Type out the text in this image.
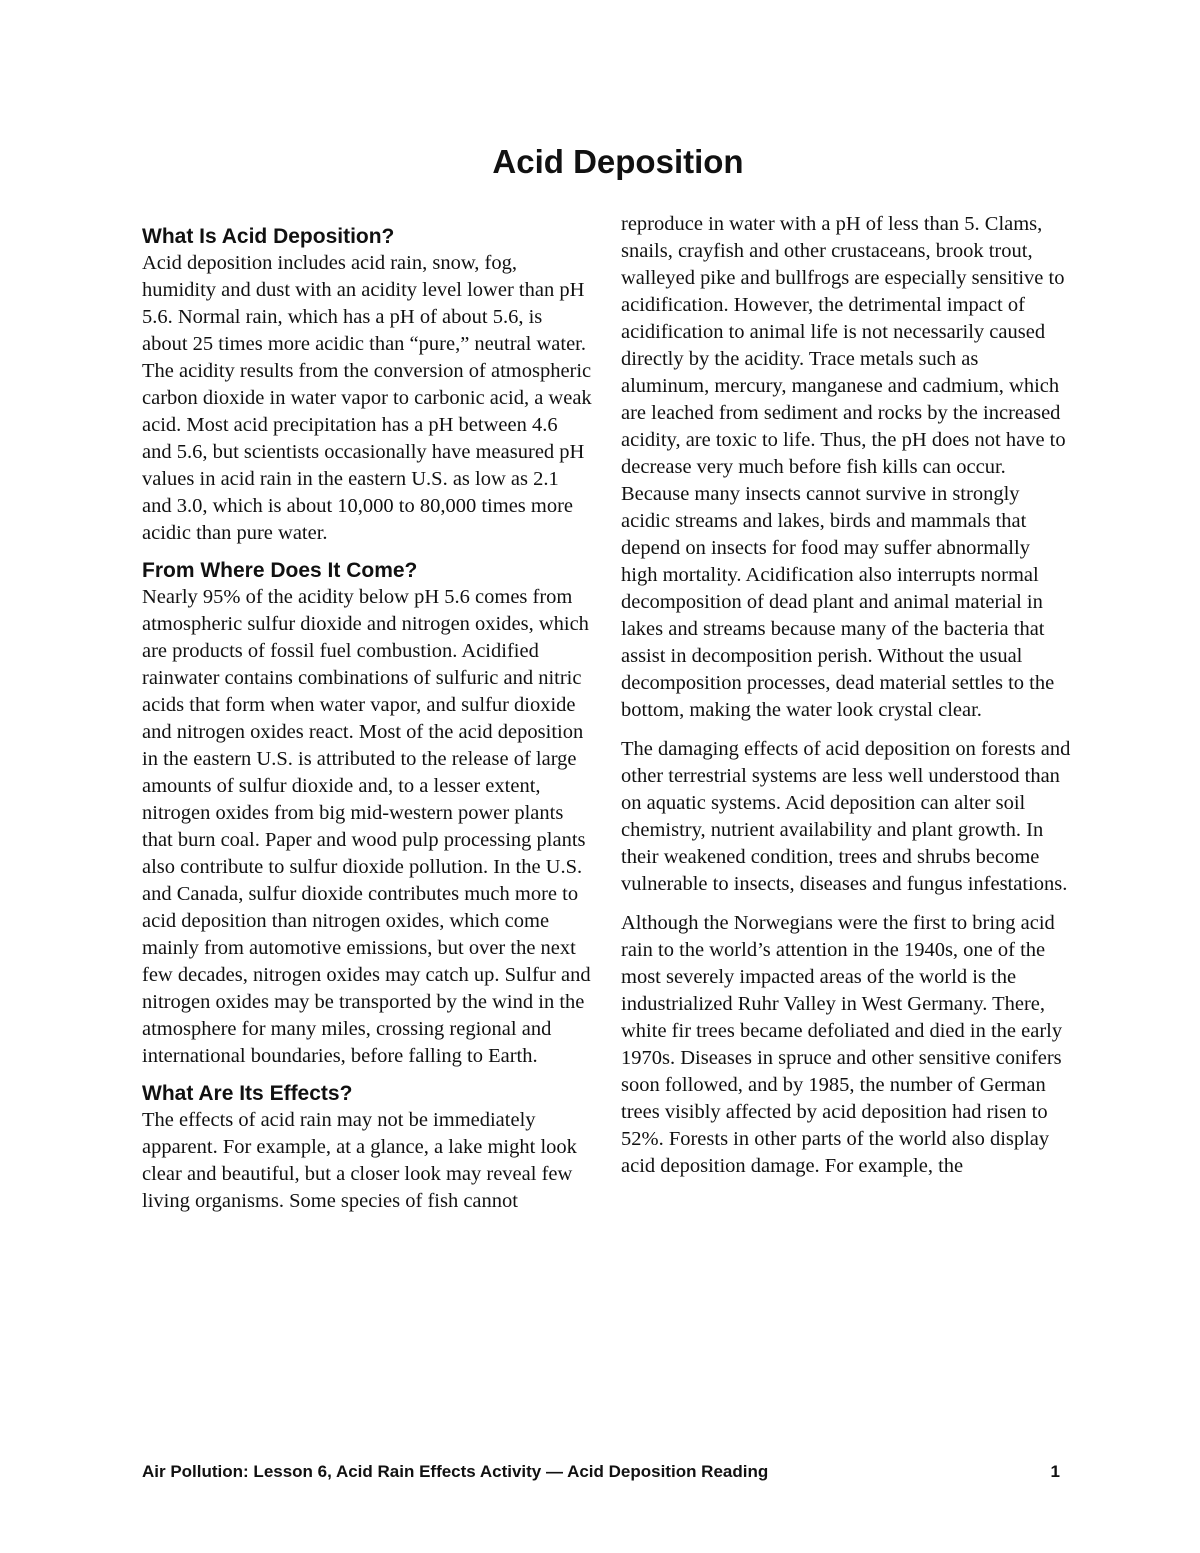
Acid Deposition

What Is Acid Deposition?

Acid deposition includes acid rain, snow, fog, humidity and dust with an acidity level lower than pH 5.6. Normal rain, which has a pH of about 5.6, is about 25 times more acidic than “pure,” neutral water. The acidity results from the conversion of atmospheric carbon dioxide in water vapor to carbonic acid, a weak acid. Most acid precipitation has a pH between 4.6 and 5.6, but scientists occasionally have measured pH values in acid rain in the eastern U.S. as low as 2.1 and 3.0, which is about 10,000 to 80,000 times more acidic than pure water.

From Where Does It Come?

Nearly 95% of the acidity below pH 5.6 comes from atmospheric sulfur dioxide and nitrogen oxides, which are products of fossil fuel combustion. Acidified rainwater contains combinations of sulfuric and nitric acids that form when water vapor, and sulfur dioxide and nitrogen oxides react. Most of the acid deposition in the eastern U.S. is attributed to the release of large amounts of sulfur dioxide and, to a lesser extent, nitrogen oxides from big mid-western power plants that burn coal. Paper and wood pulp processing plants also contribute to sulfur dioxide pollution. In the U.S. and Canada, sulfur dioxide contributes much more to acid deposition than nitrogen oxides, which come mainly from automotive emissions, but over the next few decades, nitrogen oxides may catch up. Sulfur and nitrogen oxides may be transported by the wind in the atmosphere for many miles, crossing regional and international boundaries, before falling to Earth.

What Are Its Effects?

The effects of acid rain may not be immediately apparent. For example, at a glance, a lake might look clear and beautiful, but a closer look may reveal few living organisms. Some species of fish cannot

reproduce in water with a pH of less than 5. Clams, snails, crayfish and other crustaceans, brook trout, walleyed pike and bullfrogs are especially sensitive to acidification. However, the detrimental impact of acidification to animal life is not necessarily caused directly by the acidity. Trace metals such as aluminum, mercury, manganese and cadmium, which are leached from sediment and rocks by the increased acidity, are toxic to life. Thus, the pH does not have to decrease very much before fish kills can occur. Because many insects cannot survive in strongly acidic streams and lakes, birds and mammals that depend on insects for food may suffer abnormally high mortality. Acidification also interrupts normal decomposition of dead plant and animal material in lakes and streams because many of the bacteria that assist in decomposition perish. Without the usual decomposition processes, dead material settles to the bottom, making the water look crystal clear.

The damaging effects of acid deposition on forests and other terrestrial systems are less well understood than on aquatic systems. Acid deposition can alter soil chemistry, nutrient availability and plant growth. In their weakened condition, trees and shrubs become vulnerable to insects, diseases and fungus infestations.

Although the Norwegians were the first to bring acid rain to the world’s attention in the 1940s, one of the most severely impacted areas of the world is the industrialized Ruhr Valley in West Germany. There, white fir trees became defoliated and died in the early 1970s. Diseases in spruce and other sensitive conifers soon followed, and by 1985, the number of German trees visibly affected by acid deposition had risen to 52%. Forests in other parts of the world also display acid deposition damage. For example, the

Air Pollution: Lesson 6, Acid Rain Effects Activity — Acid Deposition Reading	1
